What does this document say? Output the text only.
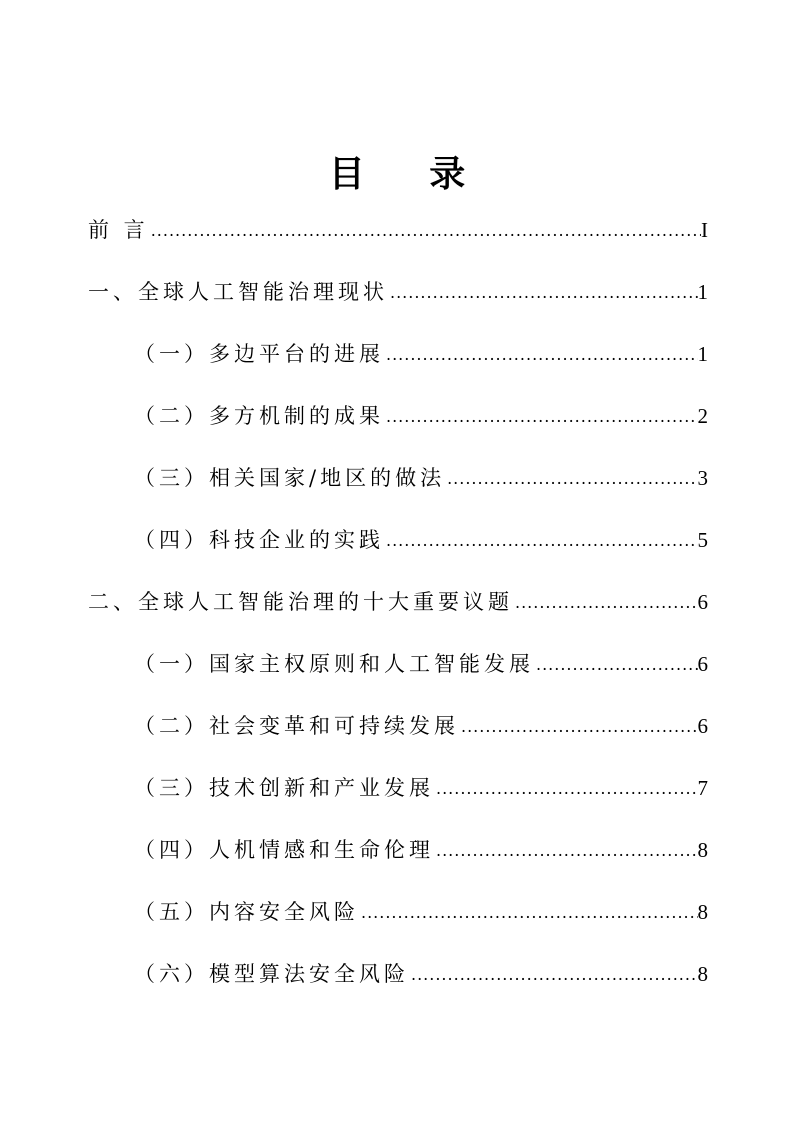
目 录
前 言 .....	I
一、全球人工智能治理现状 .....	1
（一）多边平台的进展 .....	1
（二）多方机制的成果 .....	2
（三）相关国家/地区的做法 .....	3
（四）科技企业的实践 .....	5
二、全球人工智能治理的十大重要议题 .....	6
（一）国家主权原则和人工智能发展 .....	6
（二）社会变革和可持续发展 .....	6
（三）技术创新和产业发展 .....	7
（四）人机情感和生命伦理 .....	8
（五）内容安全风险 .....	8
（六）模型算法安全风险 .....	8
